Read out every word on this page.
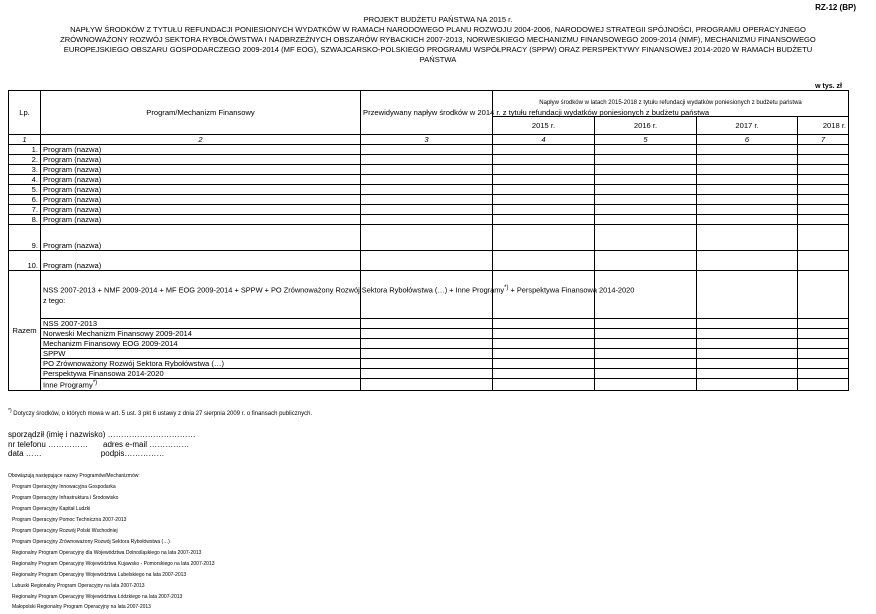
RZ-12 (BP)
PROJEKT BUDŻETU PAŃSTWA NA 2015 r.
NAPŁYW ŚRODKÓW Z TYTUŁU REFUNDACJI PONIESIONYCH WYDATKÓW W RAMACH NARODOWEGO PLANU ROZWOJU 2004-2006, NARODOWEJ STRATEGII SPÓJNOŚCI, PROGRAMU OPERACYJNEGO
ZRÓWNOWAŻONY ROZWÓJ SEKTORA RYBOŁÓWSTWA I NADBRZEŻNYCH OBSZARÓW RYBACKICH 2007-2013, NORWESKIEGO MECHANIZMU FINANSOWEGO 2009-2014 (NMF), MECHANIZMU FINANSOWEGO
EUROPEJSKIEGO OBSZARU GOSPODARCZEGO 2009-2014 (MF EOG), SZWAJCARSKO-POLSKIEGO PROGRAMU WSPÓŁPRACY (SPPW) ORAZ PERSPEKTYWY FINANSOWEJ 2014-2020 W RAMACH BUDŻETU
PAŃSTWA
w tys. zł
Lp.	Program/Mechanizm Finansowy	Przewidywany napływ środków w 2014 r. z tytułu refundacji wydatków poniesionych z budżetu państwa	Napływ środków w latach 2015-2018 z tytułu refundacji wydatków poniesionych z budżetu państwa			
			2015 r.	2016 r.	2017 r.	2018 r.
1	2	3	4	5	6	7
1.	Program (nazwa)					
2.	Program (nazwa)					
3.	Program (nazwa)					
4.	Program (nazwa)					
5.	Program (nazwa)					
6.	Program (nazwa)					
7.	Program (nazwa)					
8.	Program (nazwa)					
9.	Program (nazwa)					
10.	Program (nazwa)					
Razem	NSS 2007-2013 + NMF 2009-2014 + MF EOG 2009-2014 + SPPW + PO Zrównoważony Rozwój Sektora Rybołówstwa (…) + Inne Programy*) + Perspektywa Finansowa 2014-2020
z tego:					
	NSS 2007-2013					
	Norweski Mechanizm Finansowy 2009-2014					
	Mechanizm Finansowy EOG 2009-2014					
	SPPW					
	PO Zrównoważony Rozwój Sektora Rybołówstwa (…)					
	Perspektywa Finansowa 2014-2020					
	Inne Programy*)					
*) Dotyczy środków, o których mowa w art. 5 ust. 3 pkt 6 ustawy z dnia 27 sierpnia 2009 r. o finansach publicznych.
sporządził (imię i nazwisko) ……………………………
nr telefonu …………… adres e-mail ……………
data ……	podpis……………
Obowiązują następujące nazwy Programów/Mechanizmów:
Program Operacyjny Innowacyjna Gospodarka
Program Operacyjny Infrastruktura i Środowisko
Program Operacyjny Kapitał Ludzki
Program Operacyjny Pomoc Techniczna 2007-2013
Program Operacyjny Rozwój Polski Wschodniej
Program Operacyjny Zrównoważony Rozwój Sektora Rybołówstwa (…)
Regionalny Program Operacyjny dla Województwa Dolnośląskiego na lata 2007-2013
Regionalny Program Operacyjny Województwa Kujawsko - Pomorskiego na lata 2007-2013
Regionalny Program Operacyjny Województwa Lubelskiego na lata 2007-2013
Lubuski Regionalny Program Operacyjny na lata 2007-2013
Regionalny Program Operacyjny Województwa Łódzkiego na lata 2007-2013
Małopolski Regionalny Program Operacyjny na lata 2007-2013
